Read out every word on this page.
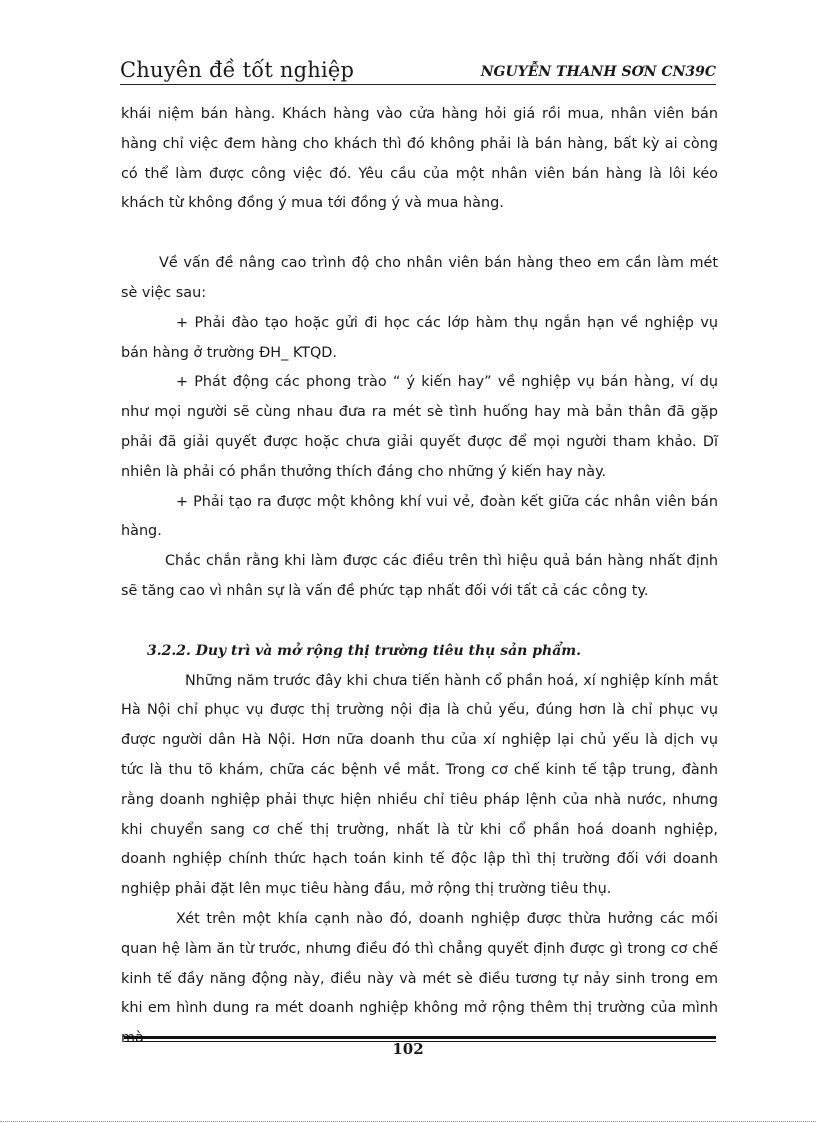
Chuyên đề tốt nghiệp	NGUYỄN THANH SƠN CN39C

khái niệm bán hàng. Khách hàng vào cửa hàng hỏi giá rồi mua, nhân viên bán hàng chỉ việc đem hàng cho khách thì đó không phải là bán hàng, bất kỳ ai còng có thể làm được công việc đó. Yêu cầu của một nhân viên bán hàng là lôi kéo khách từ không đồng ý mua tới đồng ý và mua hàng.

Về vấn đề nâng cao trình độ cho nhân viên bán hàng theo em cần làm mét sè việc sau:

+ Phải đào tạo hoặc gửi đi học các lớp hàm thụ ngắn hạn về nghiệp vụ bán hàng ở trường ĐH_ KTQD.

+ Phát động các phong trào “ ý kiến hay” về nghiệp vụ bán hàng, ví dụ như mọi người sẽ cùng nhau đưa ra mét sè tình huống hay mà bản thân đã gặp phải đã giải quyết được hoặc chưa giải quyết được để mọi người tham khảo. Dĩ nhiên là phải có phần thưởng thích đáng cho những ý kiến hay này.

+ Phải tạo ra được một không khí vui vẻ, đoàn kết giữa các nhân viên bán hàng.

Chắc chắn rằng khi làm được các điều trên thì hiệu quả bán hàng nhất định sẽ tăng cao vì nhân sự là vấn đề phức tạp nhất đối với tất cả các công ty.

3.2.2. Duy trì và mở rộng thị trường tiêu thụ sản phẩm.

Những năm trước đây khi chưa tiến hành cổ phần hoá, xí nghiệp kính mắt Hà Nội chỉ phục vụ được thị trường nội địa là chủ yếu, đúng hơn là chỉ phục vụ được người dân Hà Nội. Hơn nữa doanh thu của xí nghiệp lại chủ yếu là dịch vụ tức là thu tõ khám, chữa các bệnh về mắt. Trong cơ chế kinh tế tập trung, đành rằng doanh nghiệp phải thực hiện nhiều chỉ tiêu pháp lệnh của nhà nước, nhưng khi chuyển sang cơ chế thị trường, nhất là từ khi cổ phần hoá doanh nghiệp, doanh nghiệp chính thức hạch toán kinh tế độc lập thì thị trường đối với doanh nghiệp phải đặt lên mục tiêu hàng đầu, mở rộng thị trường tiêu thụ.

Xét trên một khía cạnh nào đó, doanh nghiệp được thừa hưởng các mối quan hệ làm ăn từ trước, nhưng điều đó thì chẳng quyết định được gì trong cơ chế kinh tế đầy năng động này, điều này và mét sè điều tương tự nảy sinh trong em khi em hình dung ra mét doanh nghiệp không mở rộng thêm thị trường của mình mà

102
